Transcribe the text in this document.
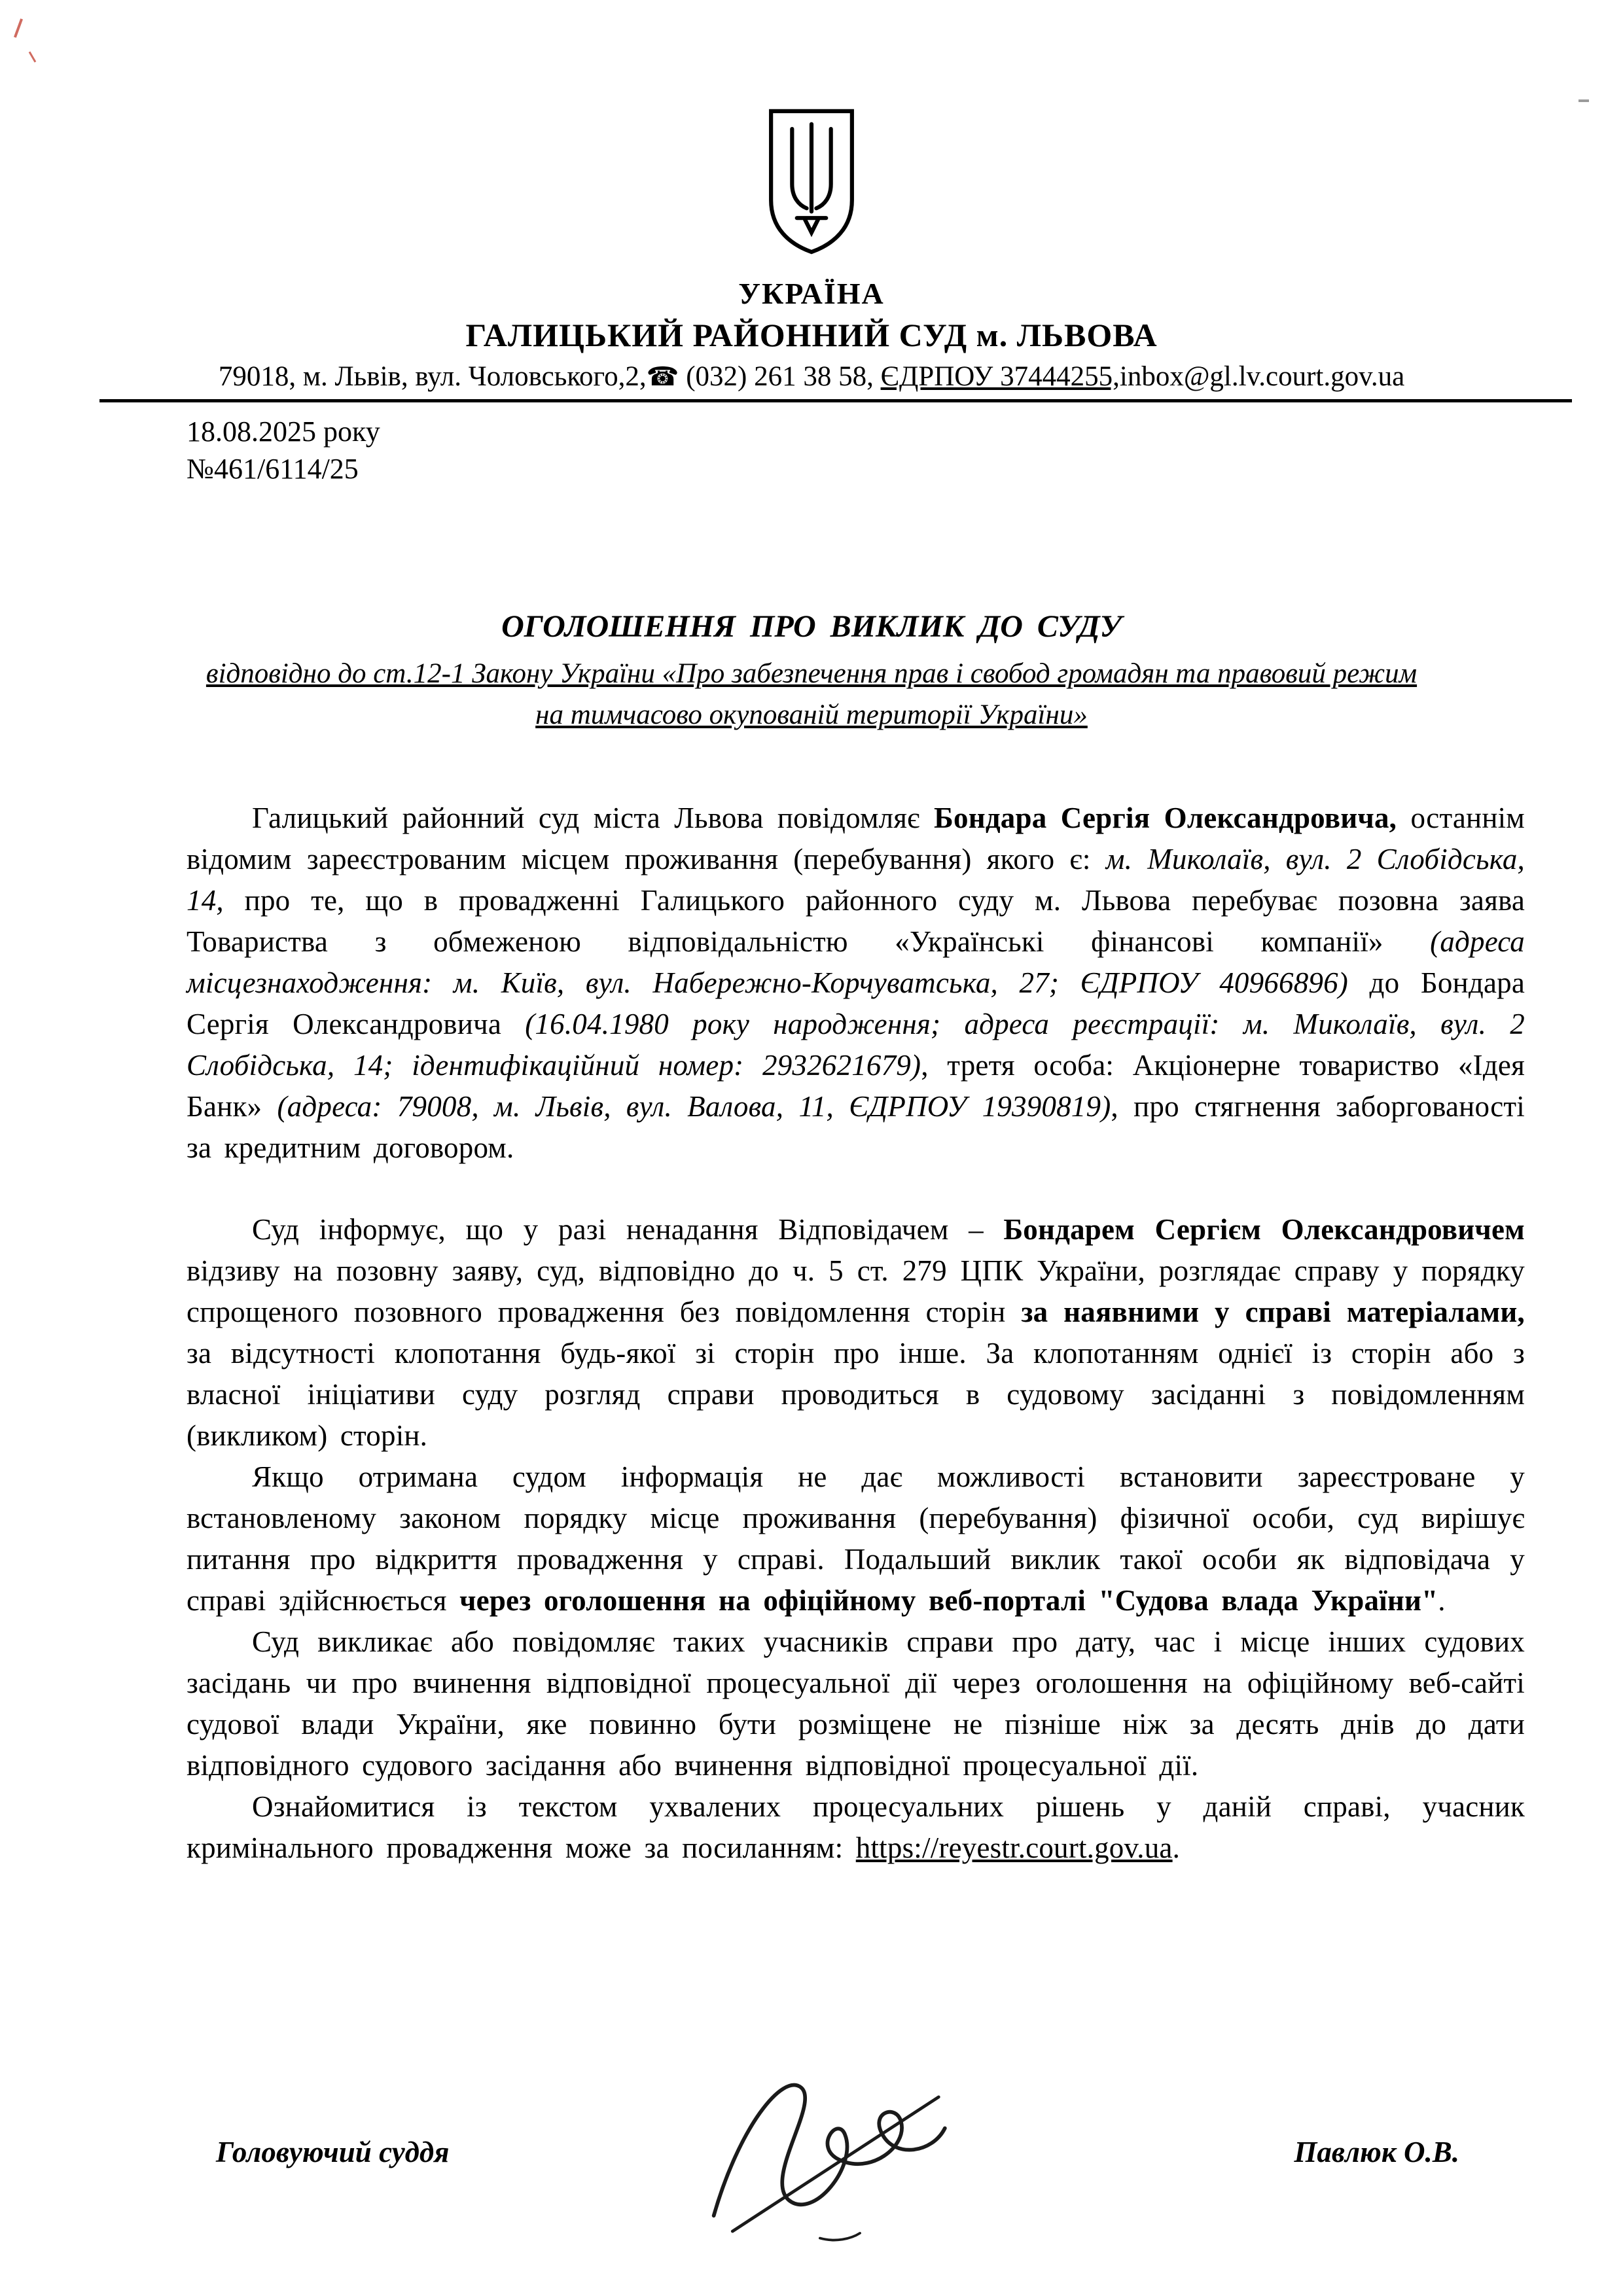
УКРАЇНА
ГАЛИЦЬКИЙ РАЙОННИЙ СУД м. ЛЬВОВА
79018, м. Львів, вул. Чоловського,2,☎ (032) 261 38 58, ЄДРПОУ 37444255,inbox@gl.lv.court.gov.ua
18.08.2025 року
№461/6114/25
ОГОЛОШЕННЯ ПРО ВИКЛИК ДО СУДУ
відповідно до ст.12-1 Закону України «Про забезпечення прав і свобод громадян та правовий режим
на тимчасово окупованій території України»

Галицький районний суд міста Львова повідомляє Бондара Сергія Олександровича, останнім відомим зареєстрованим місцем проживання (перебування) якого є: м. Миколаїв, вул. 2 Слобідська, 14, про те, що в провадженні Галицького районного суду м. Львова перебуває позовна заява Товариства з обмеженою відповідальністю «Українські фінансові компанії» (адреса місцезнаходження: м. Київ, вул. Набережно-Корчуватська, 27; ЄДРПОУ 40966896) до Бондара Сергія Олександровича (16.04.1980 року народження; адреса реєстрації: м. Миколаїв, вул. 2 Слобідська, 14; ідентифікаційний номер: 2932621679), третя особа: Акціонерне товариство «Ідея Банк» (адреса: 79008, м. Львів, вул. Валова, 11, ЄДРПОУ 19390819), про стягнення заборгованості за кредитним договором.

Суд інформує, що у разі ненадання Відповідачем – Бондарем Сергієм Олександровичем відзиву на позовну заяву, суд, відповідно до ч. 5 ст. 279 ЦПК України, розглядає справу у порядку спрощеного позовного провадження без повідомлення сторін за наявними у справі матеріалами, за відсутності клопотання будь-якої зі сторін про інше. За клопотанням однієї із сторін або з власної ініціативи суду розгляд справи проводиться в судовому засіданні з повідомленням (викликом) сторін.

Якщо отримана судом інформація не дає можливості встановити зареєстроване у встановленому законом порядку місце проживання (перебування) фізичної особи, суд вирішує питання про відкриття провадження у справі. Подальший виклик такої особи як відповідача у справі здійснюється через оголошення на офіційному веб-порталі "Судова влада України".

Суд викликає або повідомляє таких учасників справи про дату, час і місце інших судових засідань чи про вчинення відповідної процесуальної дії через оголошення на офіційному веб-сайті судової влади України, яке повинно бути розміщене не пізніше ніж за десять днів до дати відповідного судового засідання або вчинення відповідної процесуальної дії.

Ознайомитися із текстом ухвалених процесуальних рішень у даній справі, учасник кримінального провадження може за посиланням: https://reyestr.court.gov.ua.

Головуючий суддя	Павлюк О.В.
